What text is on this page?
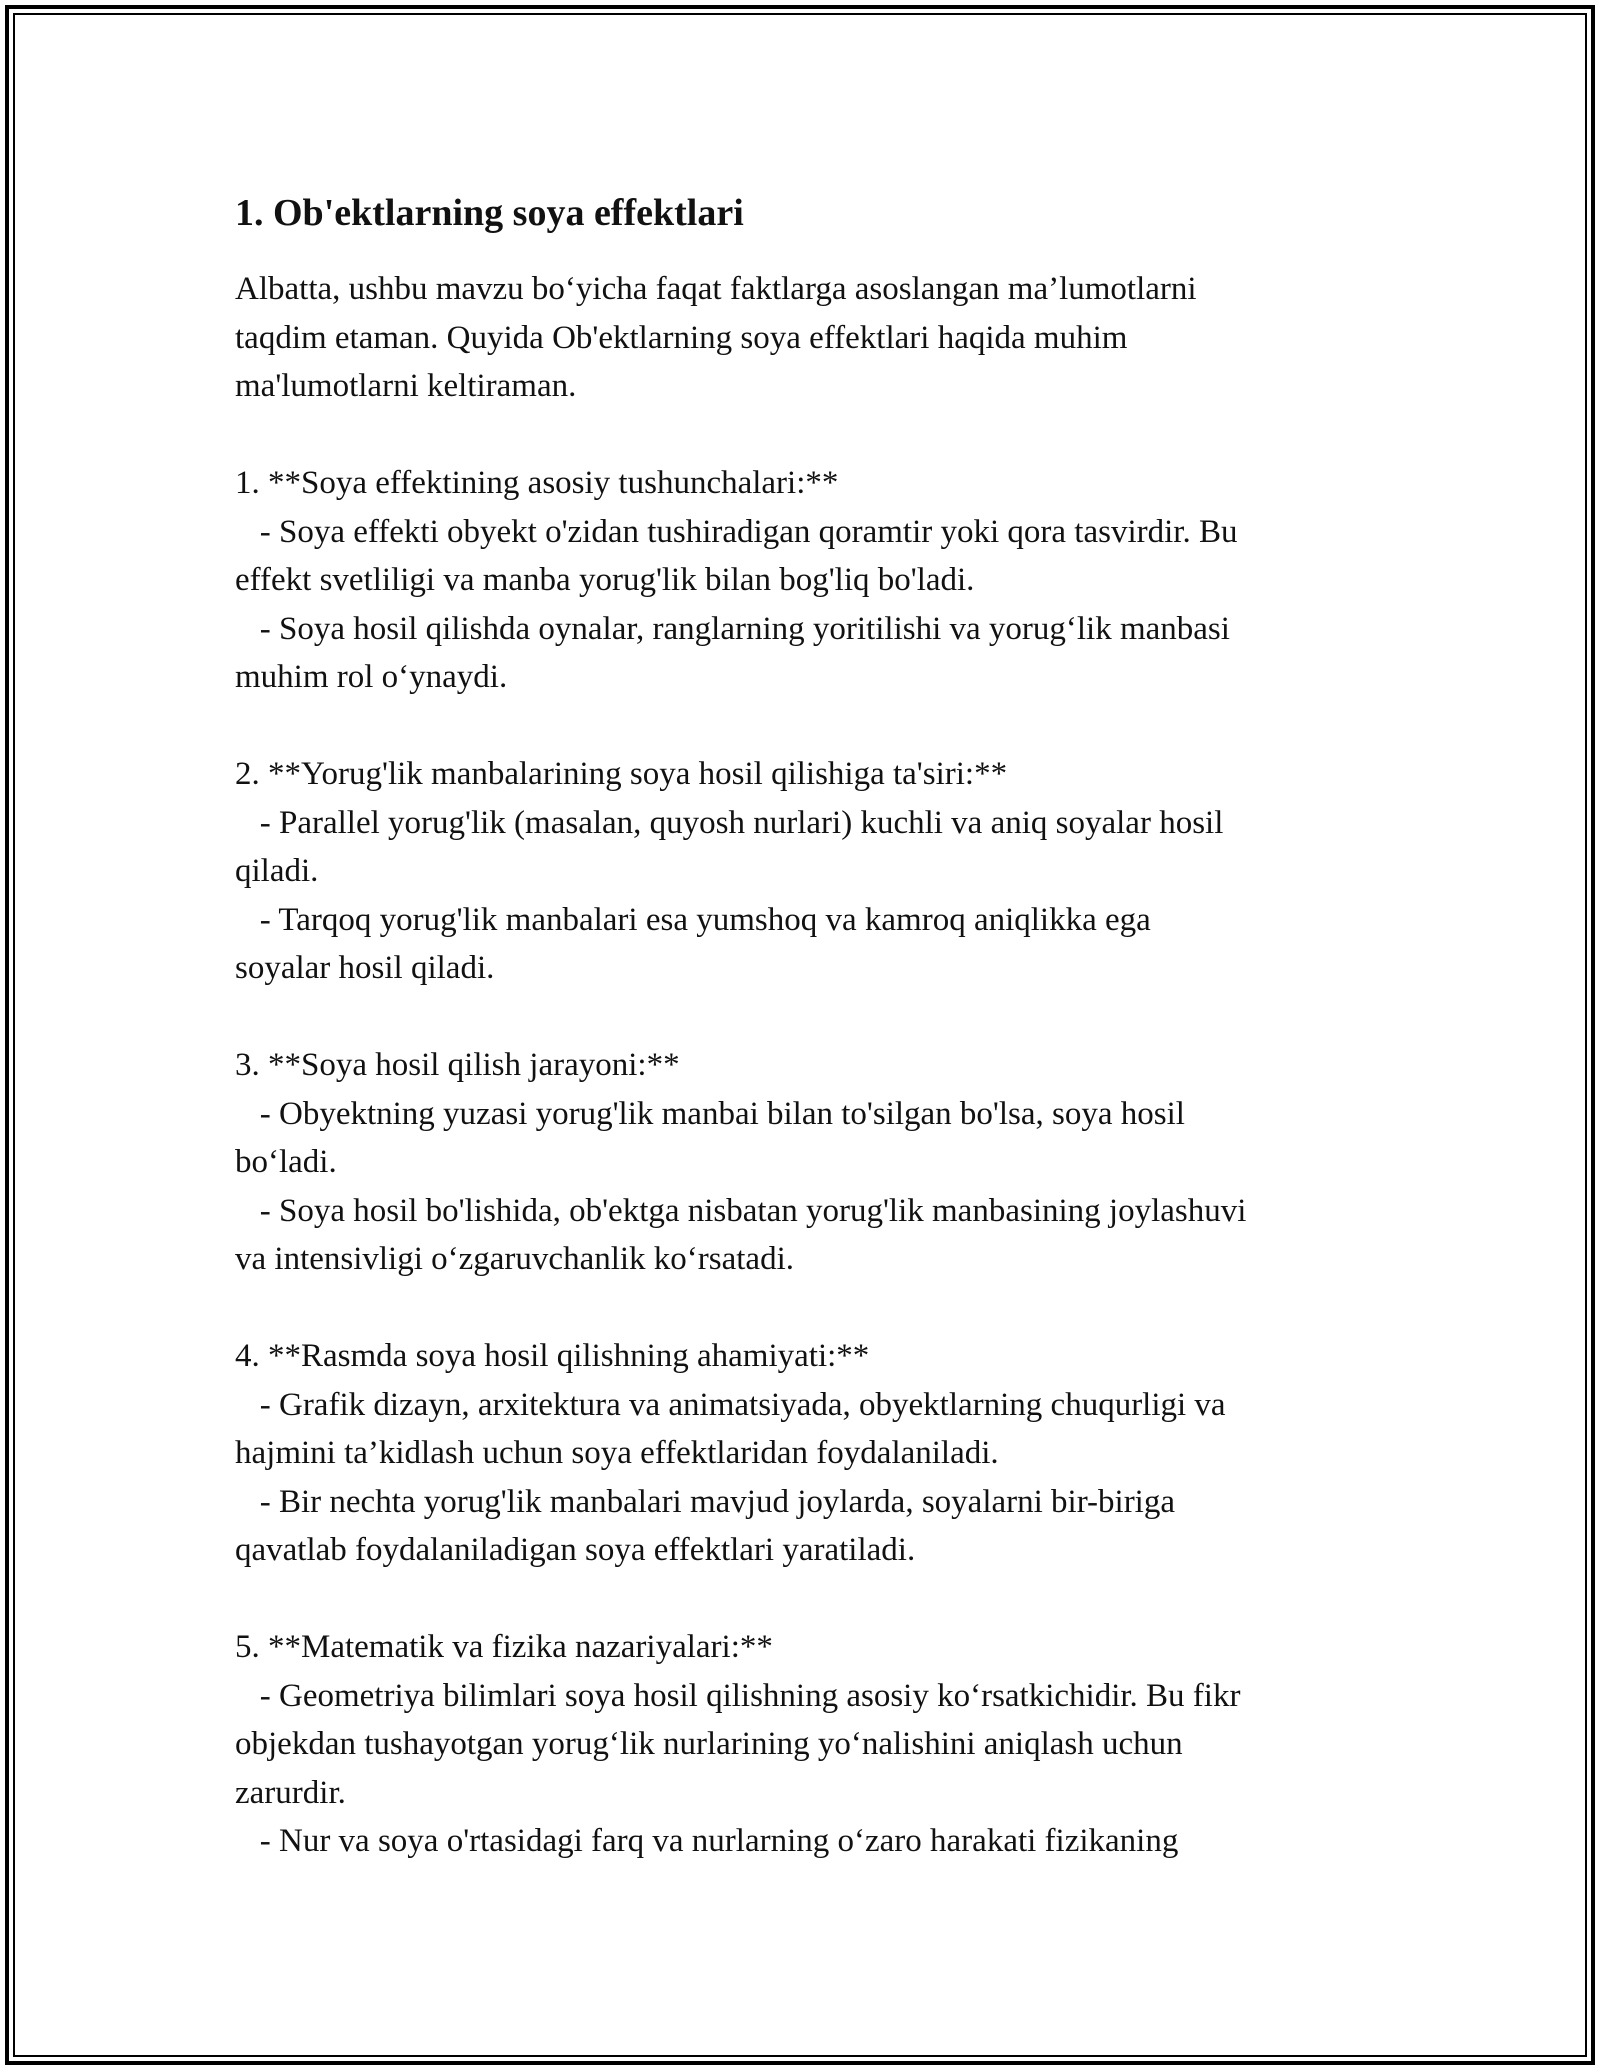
1. Ob'ektlarning soya effektlari

Albatta, ushbu mavzu bo‘yicha faqat faktlarga asoslangan ma’lumotlarni
taqdim etaman. Quyida Ob'ektlarning soya effektlari haqida muhim
ma'lumotlarni keltiraman.
1. **Soya effektining asosiy tushunchalari:**
- Soya effekti obyekt o'zidan tushiradigan qoramtir yoki qora tasvirdir. Bu
effekt svetliligi va manba yorug'lik bilan bog'liq bo'ladi.
- Soya hosil qilishda oynalar, ranglarning yoritilishi va yorug‘lik manbasi
muhim rol o‘ynaydi.
2. **Yorug'lik manbalarining soya hosil qilishiga ta'siri:**
- Parallel yorug'lik (masalan, quyosh nurlari) kuchli va aniq soyalar hosil
qiladi.
- Tarqoq yorug'lik manbalari esa yumshoq va kamroq aniqlikka ega
soyalar hosil qiladi.
3. **Soya hosil qilish jarayoni:**
- Obyektning yuzasi yorug'lik manbai bilan to'silgan bo'lsa, soya hosil
bo‘ladi.
- Soya hosil bo'lishida, ob'ektga nisbatan yorug'lik manbasining joylashuvi
va intensivligi o‘zgaruvchanlik ko‘rsatadi.
4. **Rasmda soya hosil qilishning ahamiyati:**
- Grafik dizayn, arxitektura va animatsiyada, obyektlarning chuqurligi va
hajmini ta’kidlash uchun soya effektlaridan foydalaniladi.
- Bir nechta yorug'lik manbalari mavjud joylarda, soyalarni bir-biriga
qavatlab foydalaniladigan soya effektlari yaratiladi.
5. **Matematik va fizika nazariyalari:**
- Geometriya bilimlari soya hosil qilishning asosiy ko‘rsatkichidir. Bu fikr
objekdan tushayotgan yorug‘lik nurlarining yo‘nalishini aniqlash uchun
zarurdir.
- Nur va soya o'rtasidagi farq va nurlarning o‘zaro harakati fizikaning
